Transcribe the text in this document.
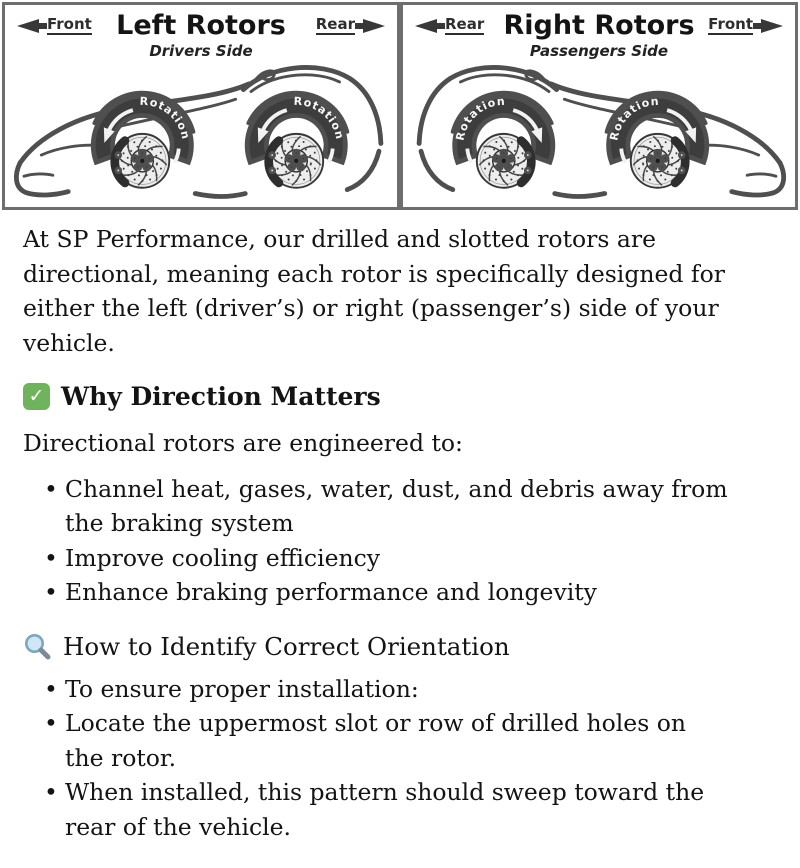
Front Left Rotors
Drivers Side
Rear
Rotation
Rotation
Rear Right Rotors
Passengers Side
Front
Rotation
Rotation

At SP Performance, our drilled and slotted rotors are directional, meaning each rotor is specifically designed for either the left (driver’s) or right (passenger’s) side of your vehicle.

✓ Why Direction Matters

Directional rotors are engineered to:

• Channel heat, gases, water, dust, and debris away from the braking system
• Improve cooling efficiency
• Enhance braking performance and longevity
How to Identify Correct Orientation
• To ensure proper installation:
• Locate the uppermost slot or row of drilled holes on the rotor.
• When installed, this pattern should sweep toward the rear of the vehicle.
